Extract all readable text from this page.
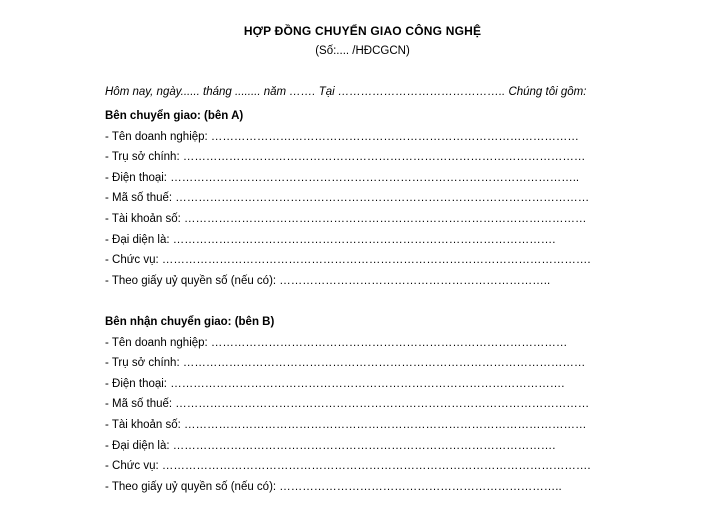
HỢP ĐỒNG CHUYỂN GIAO CÔNG NGHỆ
(Số:.... /HĐCGCN)
Hôm nay, ngày...... tháng ........ năm ……. Tại …………………………………….. Chúng tôi gồm:
Bên chuyển giao: (bên A)
- Tên doanh nghiệp: ……………………………………………………………………………………
- Trụ sở chính: ……………………………………………………………………………………………
- Điện thoại: ……………………………………………………………………………………………..
- Mã số thuế: ………………………………………………………………………………………………
- Tài khoản số: ……………………………………………………………………………………………
- Đại diện là: ……………………………………………………………………………………….
- Chức vụ: ………………………………………………………………………………………………….
- Theo giấy uỷ quyền số (nếu có): ……………………………………………………………..
Bên nhận chuyển giao: (bên B)
- Tên doanh nghiệp: …………………………………………………………………………………
- Trụ sở chính: ……………………………………………………………………………………………
- Điện thoại: ………………………………………………………………………………………….
- Mã số thuế: ………………………………………………………………………………………………
- Tài khoản số: ……………………………………………………………………………………………
- Đại diện là: ……………………………………………………………………………………….
- Chức vụ: ………………………………………………………………………………………………….
- Theo giấy uỷ quyền số (nếu có): ………………………………………………………………..
